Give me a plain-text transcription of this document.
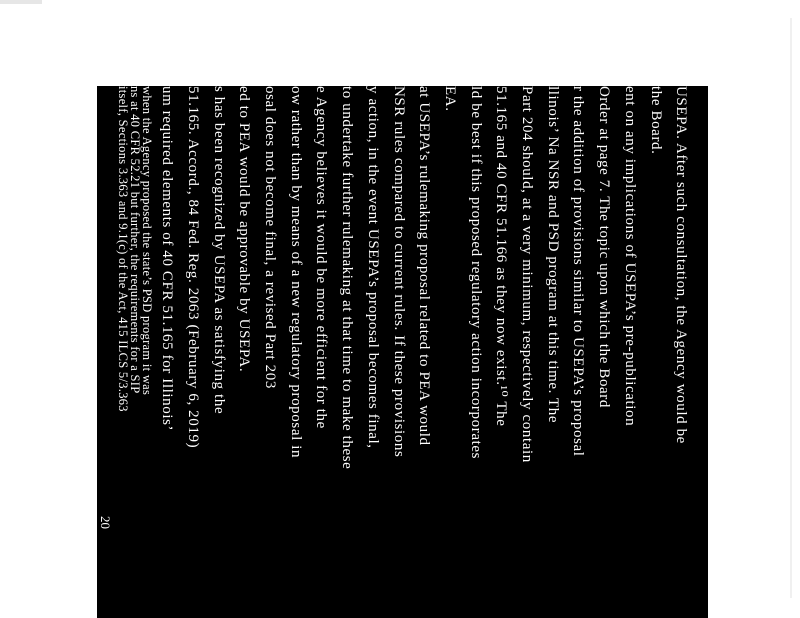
USEPA. After such consultation, the Agency would be
the Board.
ent on any implications of USEPA’s pre-publication
Order at page 7. The topic upon which the Board
r the addition of provisions similar to USEPA’s proposal
llinois’ Na NSR and PSD program at this time. The
Part 204 should, at a very minimum, respectively contain
51.165 and 40 CFR 51.166 as they now exist.¹⁰ The
ld be best if this proposed regulatory action incorporates
EA.
at USEPA’s rulemaking proposal related to PEA would
NSR rules compared to current rules. If these provisions
y action, in the event USEPA’s proposal becomes final,
to undertake further rulemaking at that time to make these
e Agency believes it would be more efficient for the
ow rather than by means of a new regulatory proposal in
osal does not become final, a revised Part 203
ed to PEA would be approvable by USEPA.
s has been recognized by USEPA as satisfying the
51.165. Accord., 84 Fed. Reg. 2063 (February 6, 2019)
um required elements of 40 CFR 51.165 for Illinois’
when the Agency proposed the state’s PSD program it was
ns at 40 CFR 52.21 but further, the requirements for a SIP
itself, Sections 3.363 and 9.1(c) of the Act, 415 ILCS 5/3.363
20
